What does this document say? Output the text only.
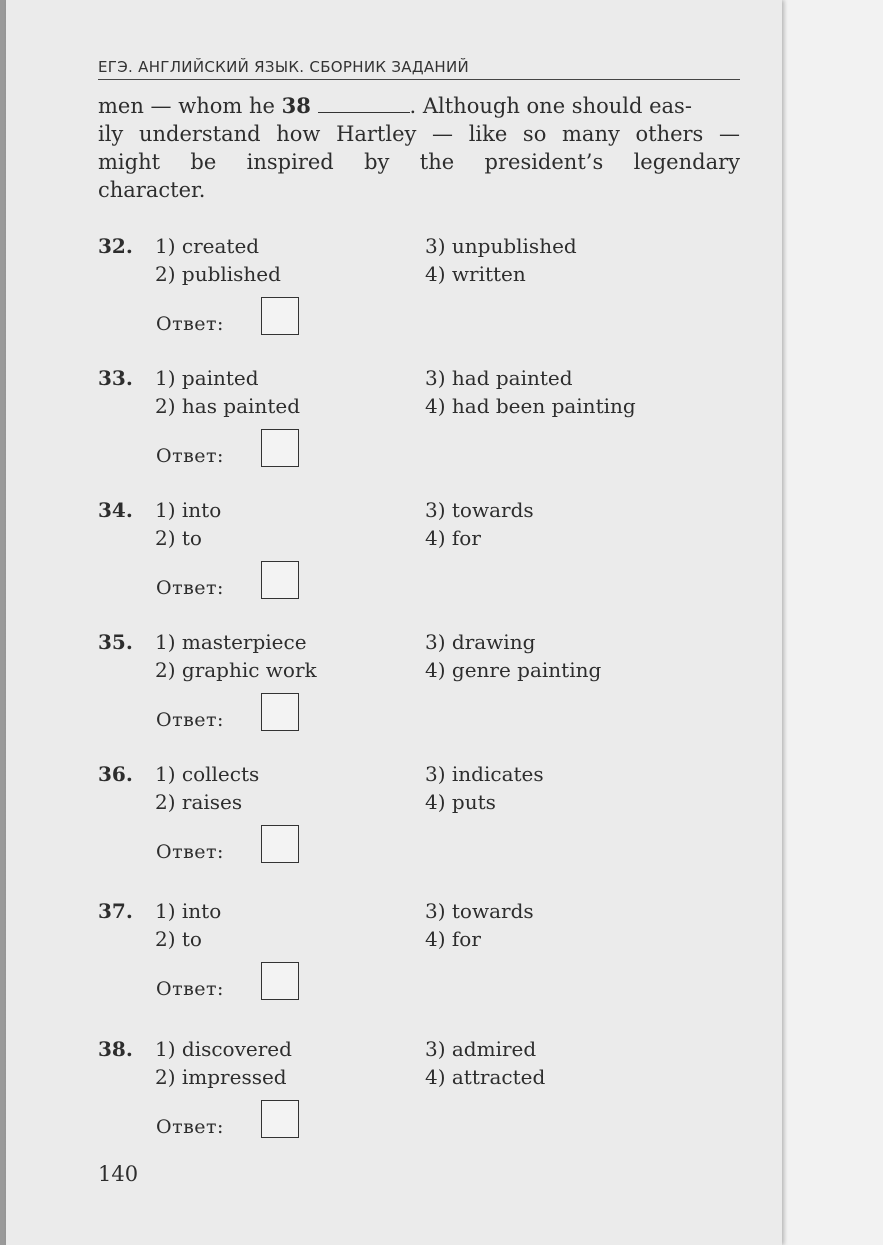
ЕГЭ. АНГЛИЙСКИЙ ЯЗЫК. СБОРНИК ЗАДАНИЙ
men — whom he 38	. Although one should eas-
ily understand how Hartley — like so many others —
might be inspired by the president’s legendary
character.
32. 1) created
2) published
3) unpublished
4) written
Ответ:
33. 1) painted
2) has painted
3) had painted
4) had been painting
Ответ:
34. 1) into
2) to
3) towards
4) for
Ответ:
35. 1) masterpiece
2) graphic work
3) drawing
4) genre painting
Ответ:
36. 1) collects
2) raises
3) indicates
4) puts
Ответ:
37. 1) into
2) to
3) towards
4) for
Ответ:
38. 1) discovered
2) impressed
3) admired
4) attracted
Ответ:
140
